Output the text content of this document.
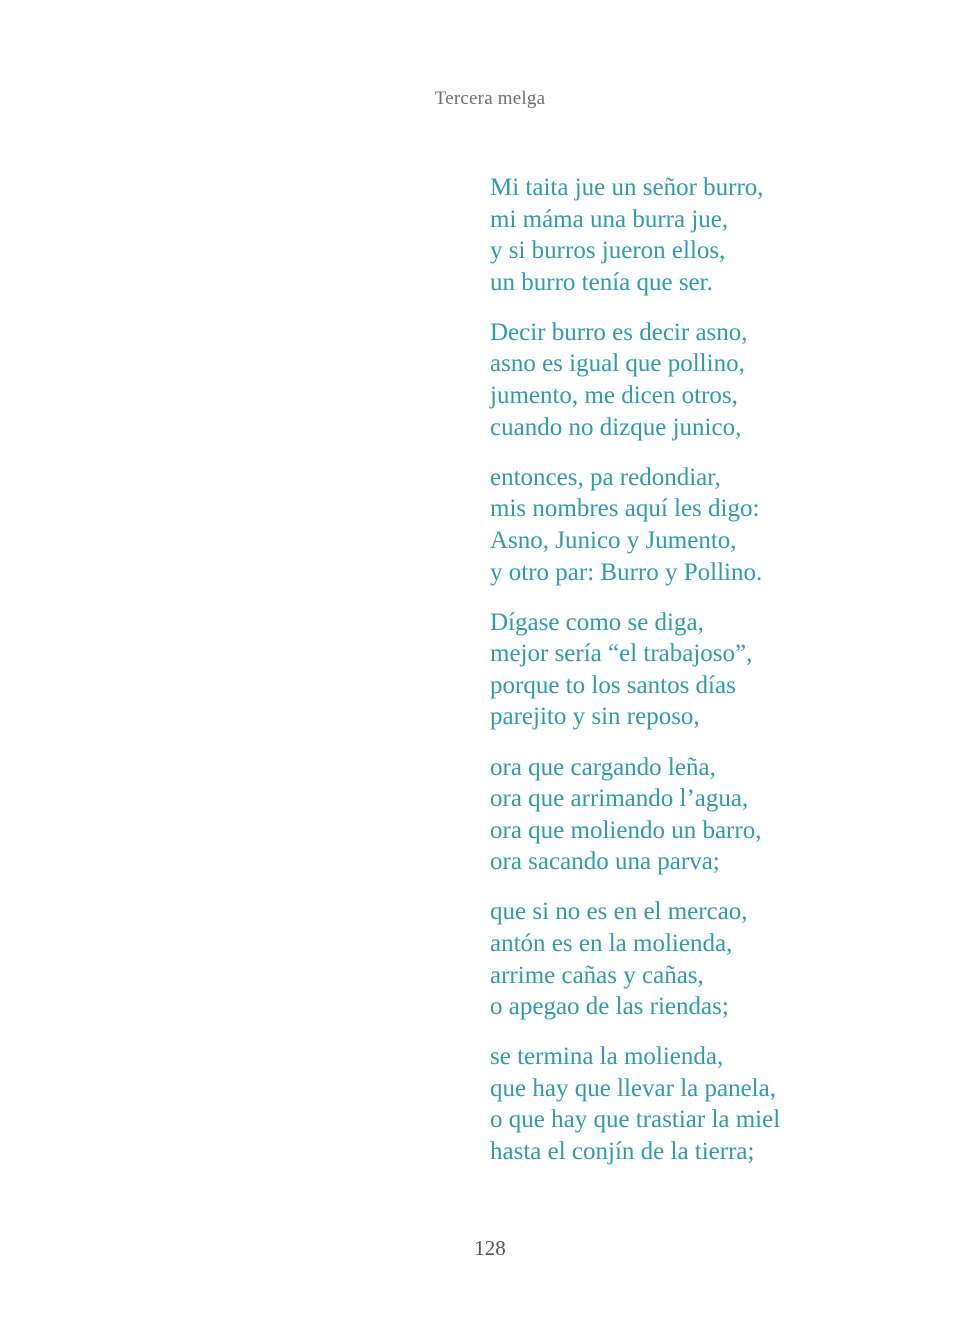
Tercera melga
Mi taita jue un señor burro,
mi máma una burra jue,
y si burros jueron ellos,
un burro tenía que ser.
Decir burro es decir asno,
asno es igual que pollino,
jumento, me dicen otros,
cuando no dizque junico,
entonces, pa redondiar,
mis nombres aquí les digo:
Asno, Junico y Jumento,
y otro par: Burro y Pollino.
Dígase como se diga,
mejor sería “el trabajoso”,
porque to los santos días
parejito y sin reposo,
ora que cargando leña,
ora que arrimando l’agua,
ora que moliendo un barro,
ora sacando una parva;
que si no es en el mercao,
antón es en la molienda,
arrime cañas y cañas,
o apegao de las riendas;
se termina la molienda,
que hay que llevar la panela,
o que hay que trastiar la miel
hasta el conjín de la tierra;
128
